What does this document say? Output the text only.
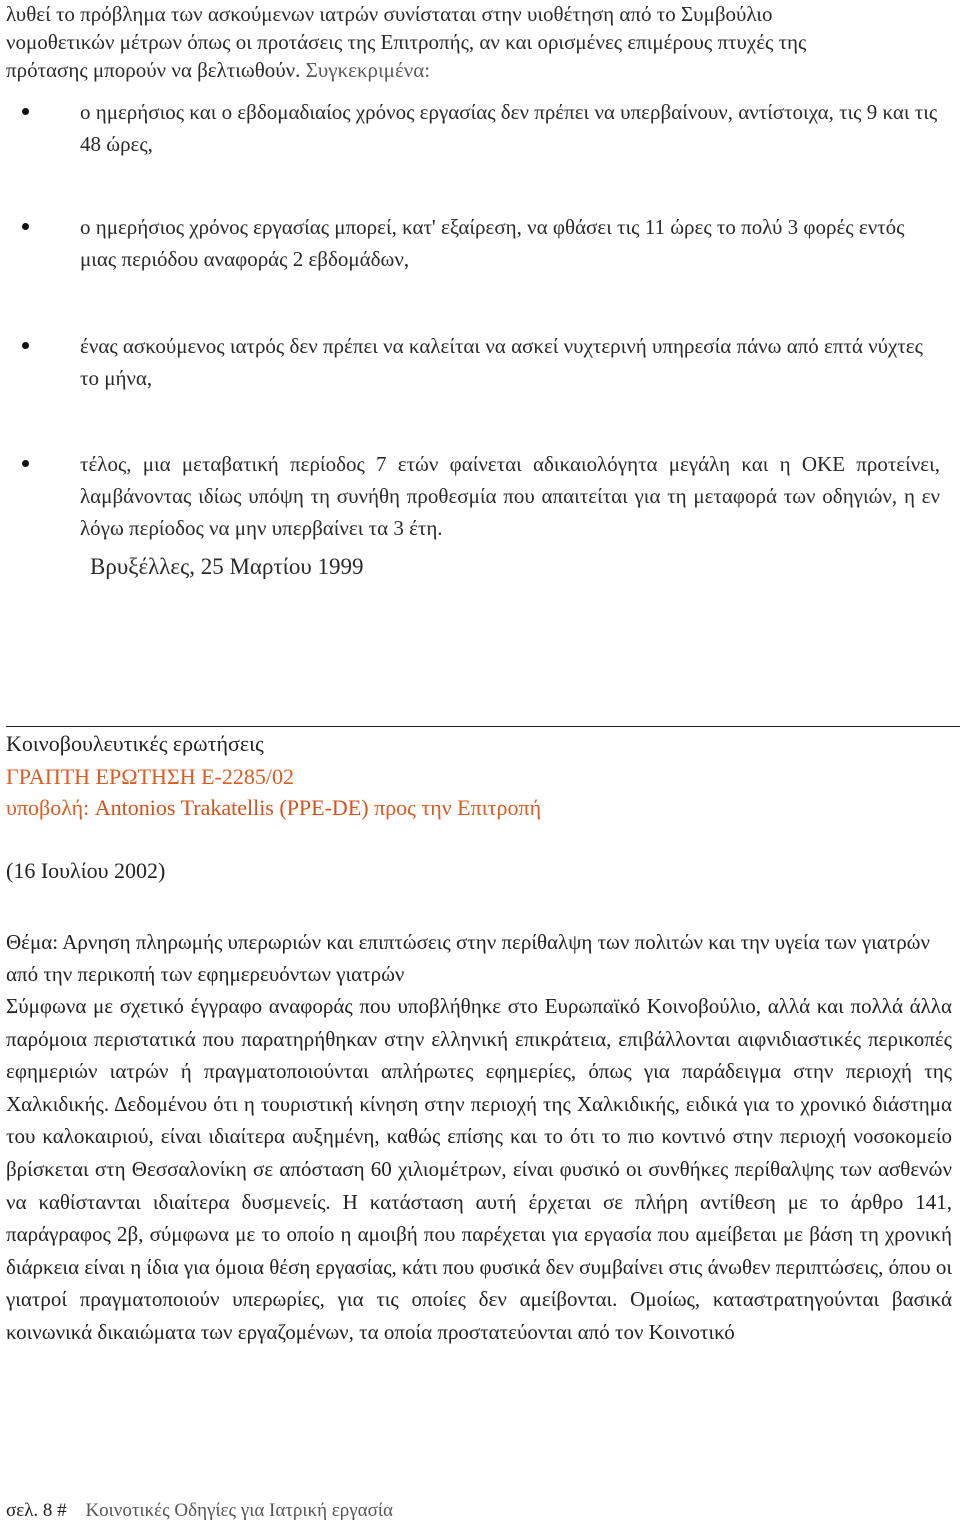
λυθεί το πρόβλημα των ασκούμενων ιατρών συνίσταται στην υιοθέτηση από το Συμβούλιο
νομοθετικών μέτρων όπως οι προτάσεις της Επιτροπής, αν και ορισμένες επιμέρους πτυχές της
πρότασης μπορούν να βελτιωθούν. Συγκεκριμένα:
ο ημερήσιος και ο εβδομαδιαίος χρόνος εργασίας δεν πρέπει να υπερβαίνουν, αντίστοιχα, τις 9 και τις 48 ώρες,
ο ημερήσιος χρόνος εργασίας μπορεί, κατ' εξαίρεση, να φθάσει τις 11 ώρες το πολύ 3 φορές εντός μιας περιόδου αναφοράς 2 εβδομάδων,
ένας ασκούμενος ιατρός δεν πρέπει να καλείται να ασκεί νυχτερινή υπηρεσία πάνω από επτά νύχτες το μήνα,
τέλος, μια μεταβατική περίοδος 7 ετών φαίνεται αδικαιολόγητα μεγάλη και η ΟΚΕ προτείνει, λαμβάνοντας ιδίως υπόψη τη συνήθη προθεσμία που απαιτείται για τη μεταφορά των οδηγιών, η εν λόγω περίοδος να μην υπερβαίνει τα 3 έτη.
Βρυξέλλες, 25 Μαρτίου 1999
Κοινοβουλευτικές ερωτήσεις
ΓΡΑΠΤΗ ΕΡΩΤΗΣΗ Ε-2285/02
υποβολή: Antonios Trakatellis (PPE-DE) προς την Επιτροπή
(16 Ιουλίου 2002)
Θέμα: Αρνηση πληρωμής υπερωριών και επιπτώσεις στην περίθαλψη των πολιτών και την υγεία των γιατρών από την περικοπή των εφημερευόντων γιατρών
Σύμφωνα με σχετικό έγγραφο αναφοράς που υποβλήθηκε στο Ευρωπαϊκό Κοινοβούλιο, αλλά και πολλά άλλα παρόμοια περιστατικά που παρατηρήθηκαν στην ελληνική επικράτεια, επιβάλλονται αιφνιδιαστικές περικοπές εφημεριών ιατρών ή πραγματοποιούνται απλήρωτες εφημερίες, όπως για παράδειγμα στην περιοχή της Χαλκιδικής. Δεδομένου ότι η τουριστική κίνηση στην περιοχή της Χαλκιδικής, ειδικά για το χρονικό διάστημα του καλοκαιριού, είναι ιδιαίτερα αυξημένη, καθώς επίσης και το ότι το πιο κοντινό στην περιοχή νοσοκομείο βρίσκεται στη Θεσσαλονίκη σε απόσταση 60 χιλιομέτρων, είναι φυσικό οι συνθήκες περίθαλψης των ασθενών να καθίστανται ιδιαίτερα δυσμενείς. Η κατάσταση αυτή έρχεται σε πλήρη αντίθεση με το άρθρο 141, παράγραφος 2β, σύμφωνα με το οποίο η αμοιβή που παρέχεται για εργασία που αμείβεται με βάση τη χρονική διάρκεια είναι η ίδια για όμοια θέση εργασίας, κάτι που φυσικά δεν συμβαίνει στις άνωθεν περιπτώσεις, όπου οι γιατροί πραγματοποιούν υπερωρίες, για τις οποίες δεν αμείβονται. Ομοίως, καταστρατηγούνται βασικά κοινωνικά δικαιώματα των εργαζομένων, τα οποία προστατεύονται από τον Κοινοτικό
σελ. 8 # Κοινοτικές Οδηγίες για Ιατρική εργασία
